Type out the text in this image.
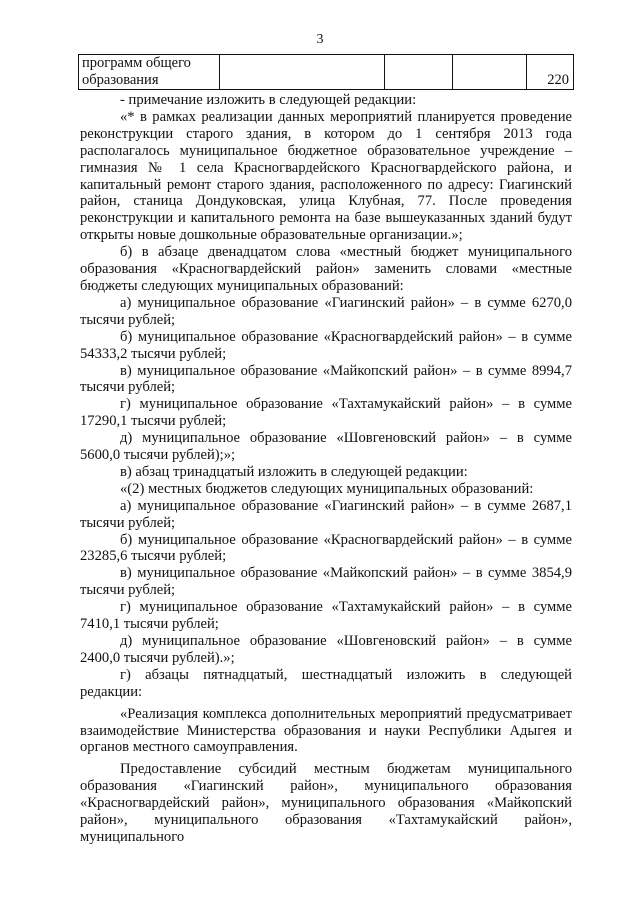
3
программ общего
образования				220

- примечание изложить в следующей редакции:

«* в рамках реализации данных мероприятий планируется проведение реконструкции старого здания, в котором до 1 сентября 2013 года располагалось муниципальное бюджетное образовательное учреждение – гимназия № 1 села Красногвардейского Красногвардейского района, и капитальный ремонт старого здания, расположенного по адресу: Гиагинский район, станица Дондуковская, улица Клубная, 77. После проведения реконструкции и капитального ремонта на базе вышеуказанных зданий будут открыты новые дошкольные образовательные организации.»;

б) в абзаце двенадцатом слова «местный бюджет муниципального образования «Красногвардейский район» заменить словами «местные бюджеты следующих муниципальных образований:

а) муниципальное образование «Гиагинский район» – в сумме 6270,0 тысячи рублей;

б) муниципальное образование «Красногвардейский район» – в сумме 54333,2 тысячи рублей;

в) муниципальное образование «Майкопский район» – в сумме 8994,7 тысячи рублей;

г) муниципальное образование «Тахтамукайский район» – в сумме 17290,1 тысячи рублей;

д) муниципальное образование «Шовгеновский район» – в сумме 5600,0 тысячи рублей);»;

в) абзац тринадцатый изложить в следующей редакции:

«(2) местных бюджетов следующих муниципальных образований:

а) муниципальное образование «Гиагинский район» – в сумме 2687,1 тысячи рублей;

б) муниципальное образование «Красногвардейский район» – в сумме 23285,6 тысячи рублей;

в) муниципальное образование «Майкопский район» – в сумме 3854,9 тысячи рублей;

г) муниципальное образование «Тахтамукайский район» – в сумме 7410,1 тысячи рублей;

д) муниципальное образование «Шовгеновский район» – в сумме 2400,0 тысячи рублей).»;

г) абзацы пятнадцатый, шестнадцатый изложить в следующей редакции:

«Реализация комплекса дополнительных мероприятий предусматривает взаимодействие Министерства образования и науки Республики Адыгея и органов местного самоуправления.

Предоставление субсидий местным бюджетам муниципального образования «Гиагинский район», муниципального образования «Красногвардейский район», муниципального образования «Майкопский район», муниципального образования «Тахтамукайский район», муниципального
